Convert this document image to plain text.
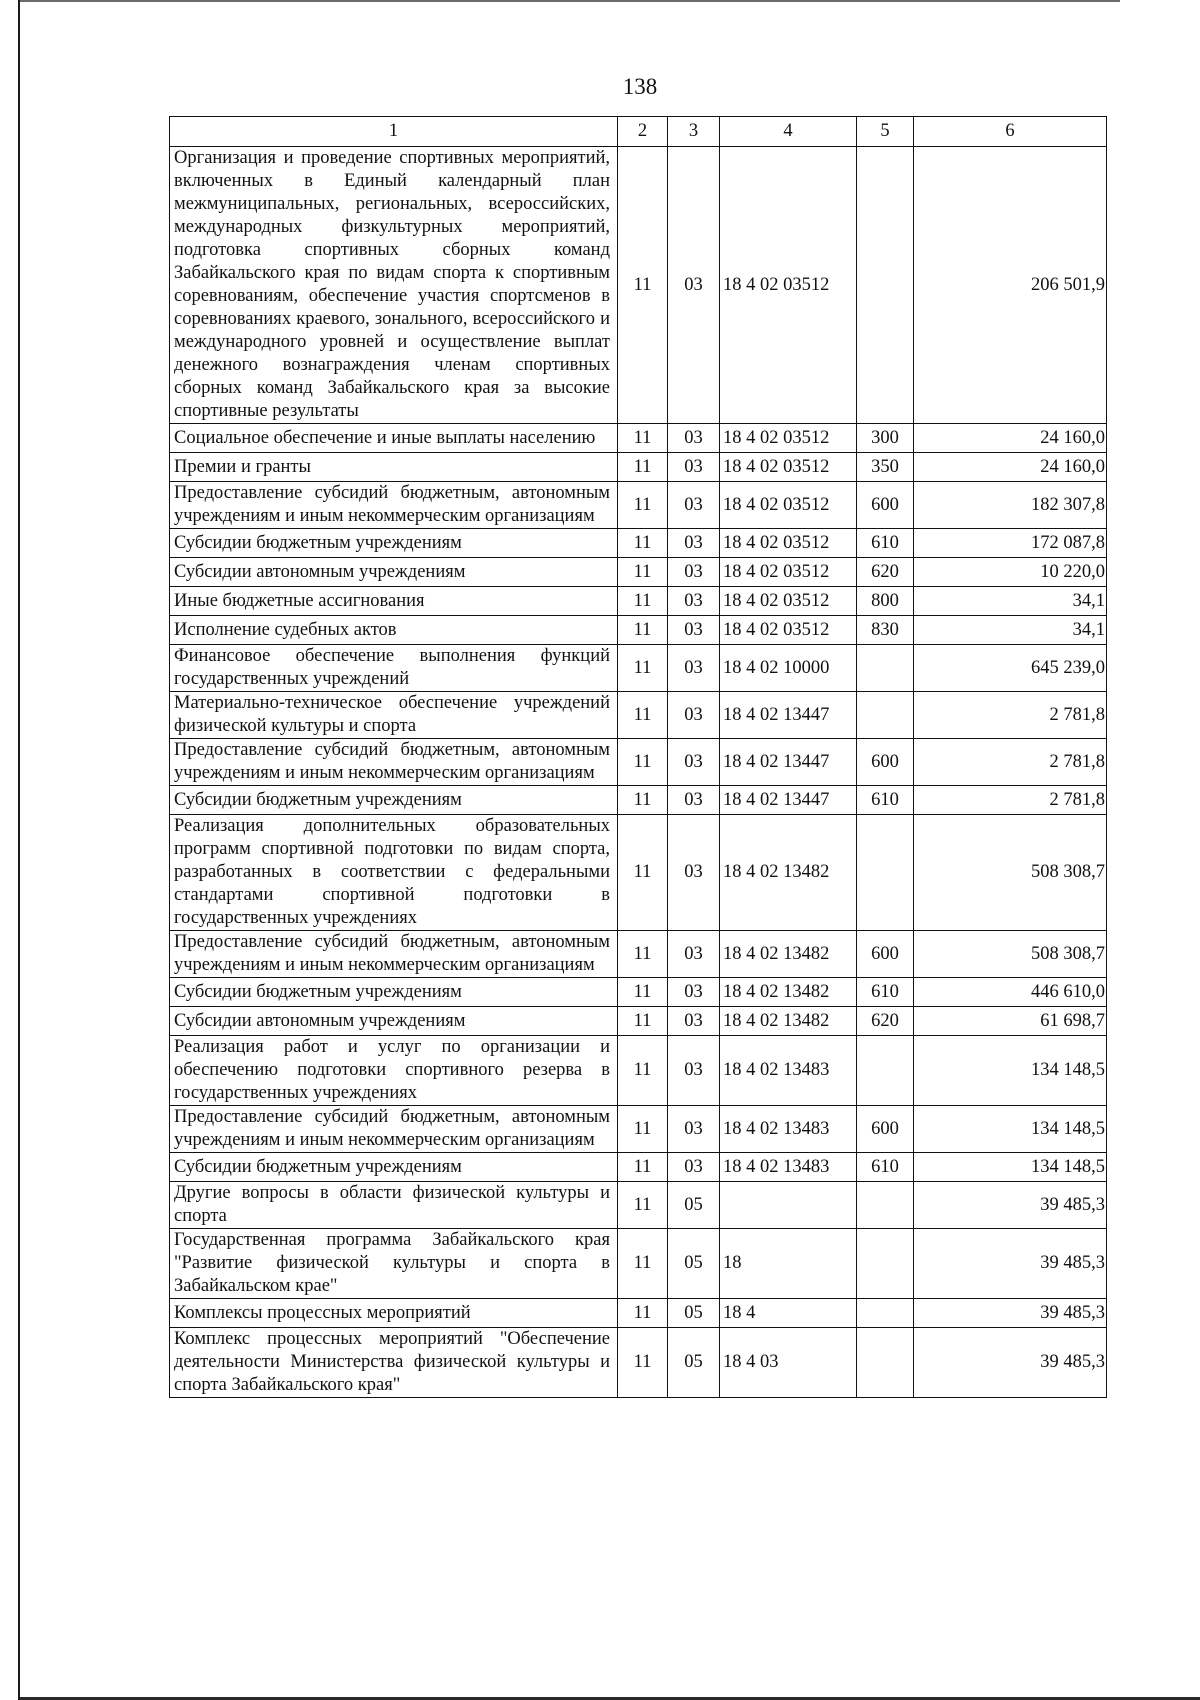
138
1	2	3	4	5	6
Организация и проведение спортивных мероприятий, включенных в Единый календарный план межмуниципальных, региональных, всероссийских, международных физкультурных мероприятий, подготовка спортивных сборных команд Забайкальского края по видам спорта к спортивным соревнованиям, обеспечение участия спортсменов в соревнованиях краевого, зонального, всероссийского и международного уровней и осуществление выплат денежного вознаграждения членам спортивных сборных команд Забайкальского края за высокие спортивные результаты	11	03	18 4 02 03512		206 501,9
Социальное обеспечение и иные выплаты населению	11	03	18 4 02 03512	300	24 160,0
Премии и гранты	11	03	18 4 02 03512	350	24 160,0
Предоставление субсидий бюджетным, автономным учреждениям и иным некоммерческим организациям	11	03	18 4 02 03512	600	182 307,8
Субсидии бюджетным учреждениям	11	03	18 4 02 03512	610	172 087,8
Субсидии автономным учреждениям	11	03	18 4 02 03512	620	10 220,0
Иные бюджетные ассигнования	11	03	18 4 02 03512	800	34,1
Исполнение судебных актов	11	03	18 4 02 03512	830	34,1
Финансовое обеспечение выполнения функций государственных учреждений	11	03	18 4 02 10000		645 239,0
Материально-техническое обеспечение учреждений физической культуры и спорта	11	03	18 4 02 13447		2 781,8
Предоставление субсидий бюджетным, автономным учреждениям и иным некоммерческим организациям	11	03	18 4 02 13447	600	2 781,8
Субсидии бюджетным учреждениям	11	03	18 4 02 13447	610	2 781,8
Реализация дополнительных образовательных программ спортивной подготовки по видам спорта, разработанных в соответствии с федеральными стандартами спортивной подготовки в государственных учреждениях	11	03	18 4 02 13482		508 308,7
Предоставление субсидий бюджетным, автономным учреждениям и иным некоммерческим организациям	11	03	18 4 02 13482	600	508 308,7
Субсидии бюджетным учреждениям	11	03	18 4 02 13482	610	446 610,0
Субсидии автономным учреждениям	11	03	18 4 02 13482	620	61 698,7
Реализация работ и услуг по организации и обеспечению подготовки спортивного резерва в государственных учреждениях	11	03	18 4 02 13483		134 148,5
Предоставление субсидий бюджетным, автономным учреждениям и иным некоммерческим организациям	11	03	18 4 02 13483	600	134 148,5
Субсидии бюджетным учреждениям	11	03	18 4 02 13483	610	134 148,5
Другие вопросы в области физической культуры и спорта	11	05			39 485,3
Государственная программа Забайкальского края "Развитие физической культуры и спорта в Забайкальском крае"	11	05	18		39 485,3
Комплексы процессных мероприятий	11	05	18 4		39 485,3
Комплекс процессных мероприятий "Обеспечение деятельности Министерства физической культуры и спорта Забайкальского края"	11	05	18 4 03		39 485,3
